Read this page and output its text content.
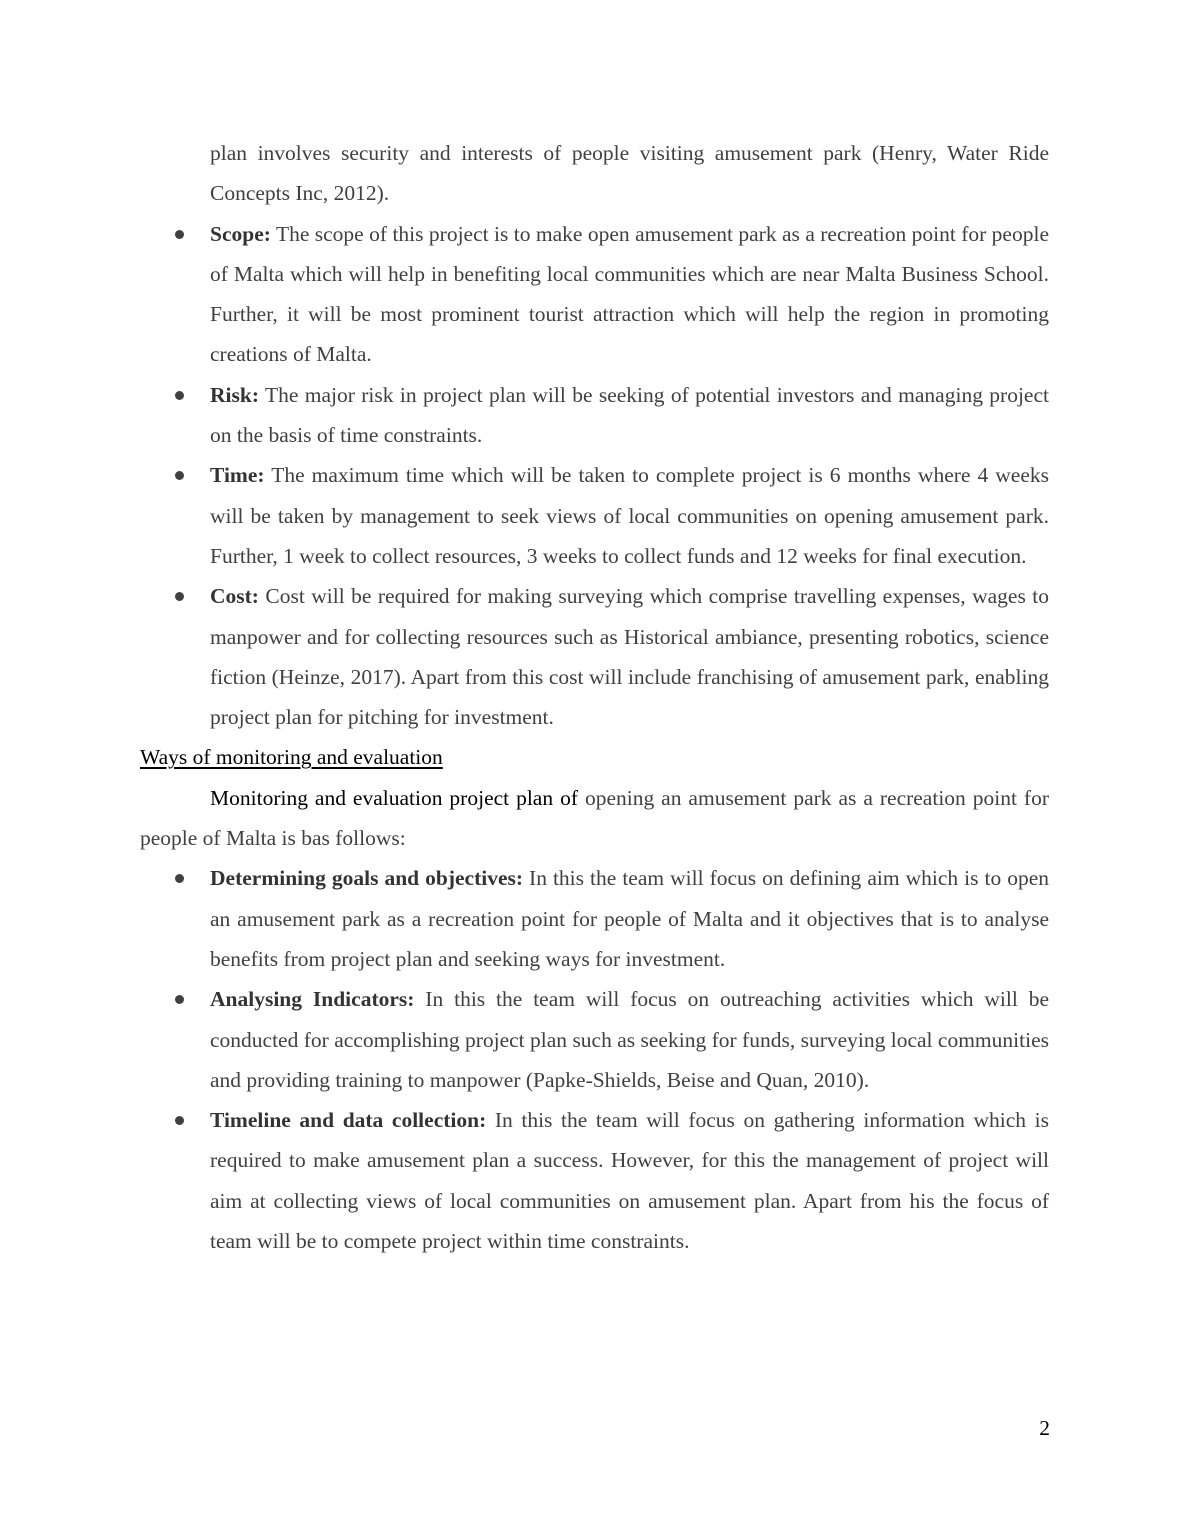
plan involves security and interests of people visiting amusement park (Henry, Water Ride Concepts Inc, 2012).

Scope: The scope of this project is to make open amusement park as a recreation point for people of Malta which will help in benefiting local communities which are near Malta Business School. Further, it will be most prominent tourist attraction which will help the region in promoting creations of Malta.
Risk: The major risk in project plan will be seeking of potential investors and managing project on the basis of time constraints.
Time: The maximum time which will be taken to complete project is 6 months where 4 weeks will be taken by management to seek views of local communities on opening amusement park. Further, 1 week to collect resources, 3 weeks to collect funds and 12 weeks for final execution.
Cost: Cost will be required for making surveying which comprise travelling expenses, wages to manpower and for collecting resources such as Historical ambiance, presenting robotics, science fiction (Heinze, 2017). Apart from this cost will include franchising of amusement park, enabling project plan for pitching for investment.

Ways of monitoring and evaluation

Monitoring and evaluation project plan of opening an amusement park as a recreation point for people of Malta is bas follows:

Determining goals and objectives: In this the team will focus on defining aim which is to open an amusement park as a recreation point for people of Malta and it objectives that is to analyse benefits from project plan and seeking ways for investment.
Analysing Indicators: In this the team will focus on outreaching activities which will be conducted for accomplishing project plan such as seeking for funds, surveying local communities and providing training to manpower (Papke-Shields, Beise and Quan, 2010).
Timeline and data collection: In this the team will focus on gathering information which is required to make amusement plan a success. However, for this the management of project will aim at collecting views of local communities on amusement plan. Apart from his the focus of team will be to compete project within time constraints.
2
